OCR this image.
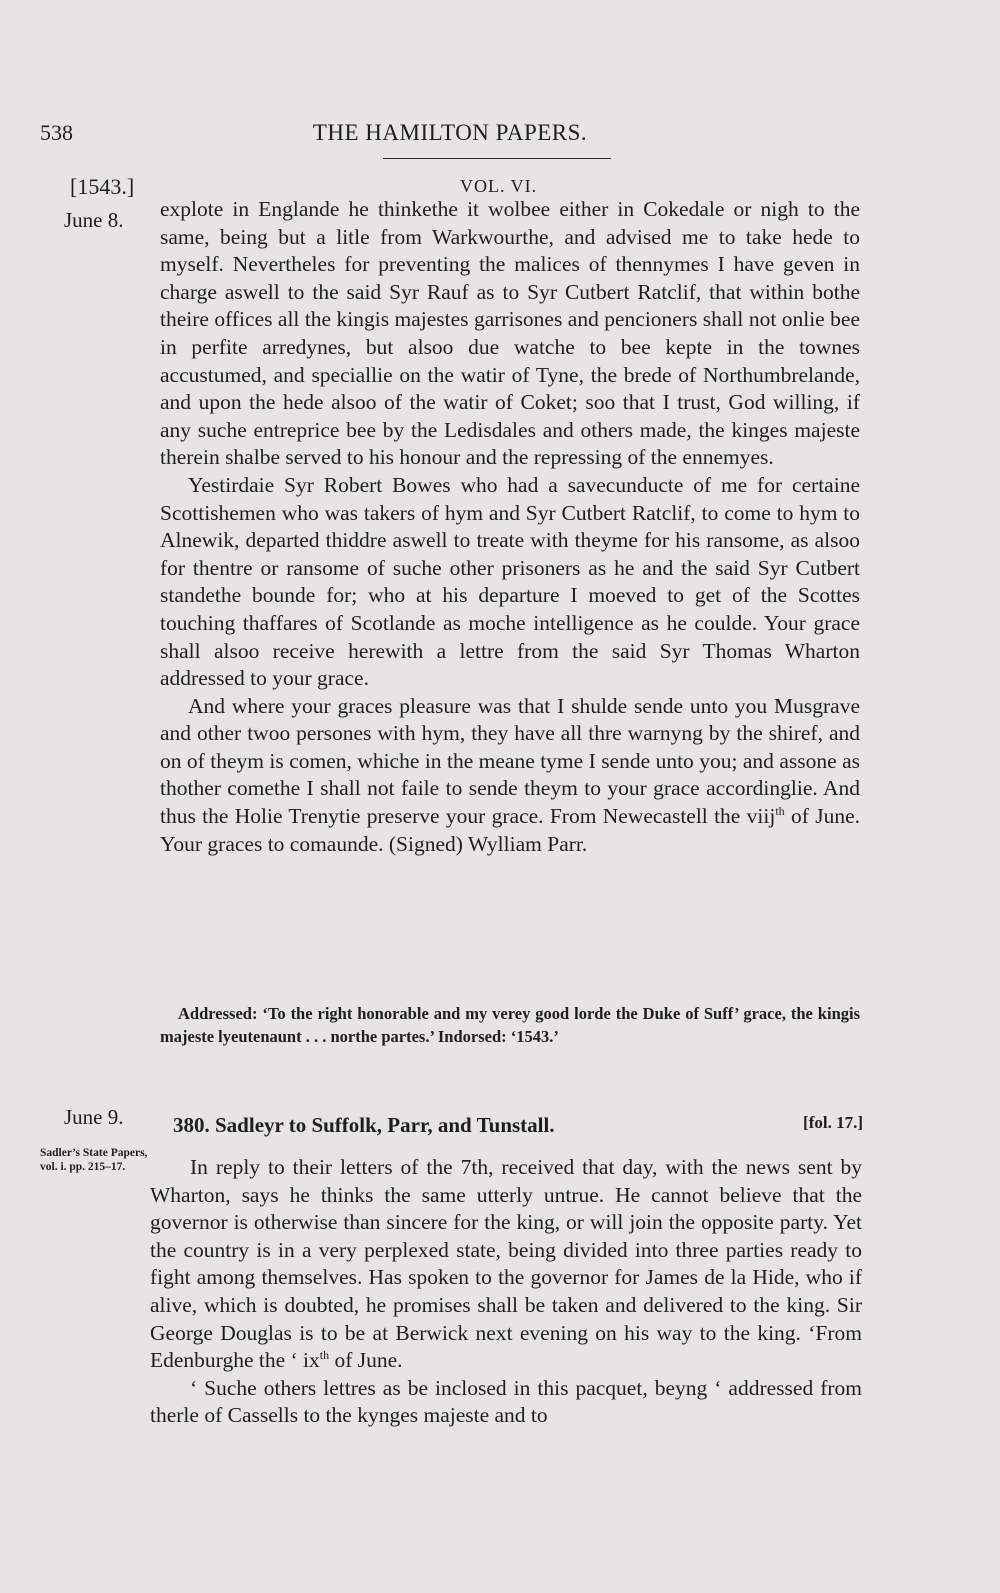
538	THE HAMILTON PAPERS.
[1543.]	VOL. VI.
June 8. explote in Englande he thinkethe it wolbee either in Cokedale or nigh to the same, being but a litle from Warkwourthe, and advised me to take hede to myself. Nevertheles for preventing the malices of thennymes I have geven in charge aswell to the said Syr Rauf as to Syr Cutbert Ratclif, that within bothe theire offices all the kingis majestes garrisones and pencioners shall not onlie bee in perfite arredynes, but alsoo due watche to bee kepte in the townes accustumed, and speciallie on the watir of Tyne, the brede of Northumbrelande, and upon the hede alsoo of the watir of Coket; soo that I trust, God willing, if any suche entreprice bee by the Ledisdales and others made, the kinges majeste therein shalbe served to his honour and the repressing of the ennemyes.

Yestirdaie Syr Robert Bowes who had a savecunducte of me for certaine Scottishemen who was takers of hym and Syr Cutbert Ratclif, to come to hym to Alnewik, departed thiddre aswell to treate with theyme for his ransome, as alsoo for thentre or ransome of suche other prisoners as he and the said Syr Cutbert standethe bounde for; who at his departure I moeved to get of the Scottes touching thaffares of Scotlande as moche intelligence as he coulde. Your grace shall alsoo receive herewith a lettre from the said Syr Thomas Wharton addressed to your grace.

And where your graces pleasure was that I shulde sende unto you Musgrave and other twoo persones with hym, they have all thre warnyng by the shiref, and on of theym is comen, whiche in the meane tyme I sende unto you; and assone as thother comethe I shall not faile to sende theym to your grace accordinglie. And thus the Holie Trenytie preserve your grace. From Newecastell the viij$^{th}$ of June. Your graces to comaunde. (Signed) Wylliam Parr.

Addressed: ‘To the right honorable and my verey good lorde the Duke of Suff’ grace, the kingis majeste lyeutenaunt . . . northe partes.’ Indorsed: ‘1543.’
June 9. 380. Sadleyr to Suffolk, Parr, and Tunstall.	[fol. 17.]
Sadler’s State Papers, vol. i. pp. 215–17.	In reply to their letters of the 7th, received that day, with the news sent by Wharton, says he thinks the same utterly untrue. He cannot believe that the governor is otherwise than sincere for the king, or will join the opposite party. Yet the country is in a very perplexed state, being divided into three parties ready to fight among themselves. Has spoken to the governor for James de la Hide, who if alive, which is doubted, he promises shall be taken and delivered to the king. Sir George Douglas is to be at Berwick next evening on his way to the king. ‘From Edenburghe the ‘ $ix^{th}$ of June.

‘ Suche others lettres as be inclosed in this pacquet, beyng ‘ addressed from therle of Cassells to the kynges majeste and to
